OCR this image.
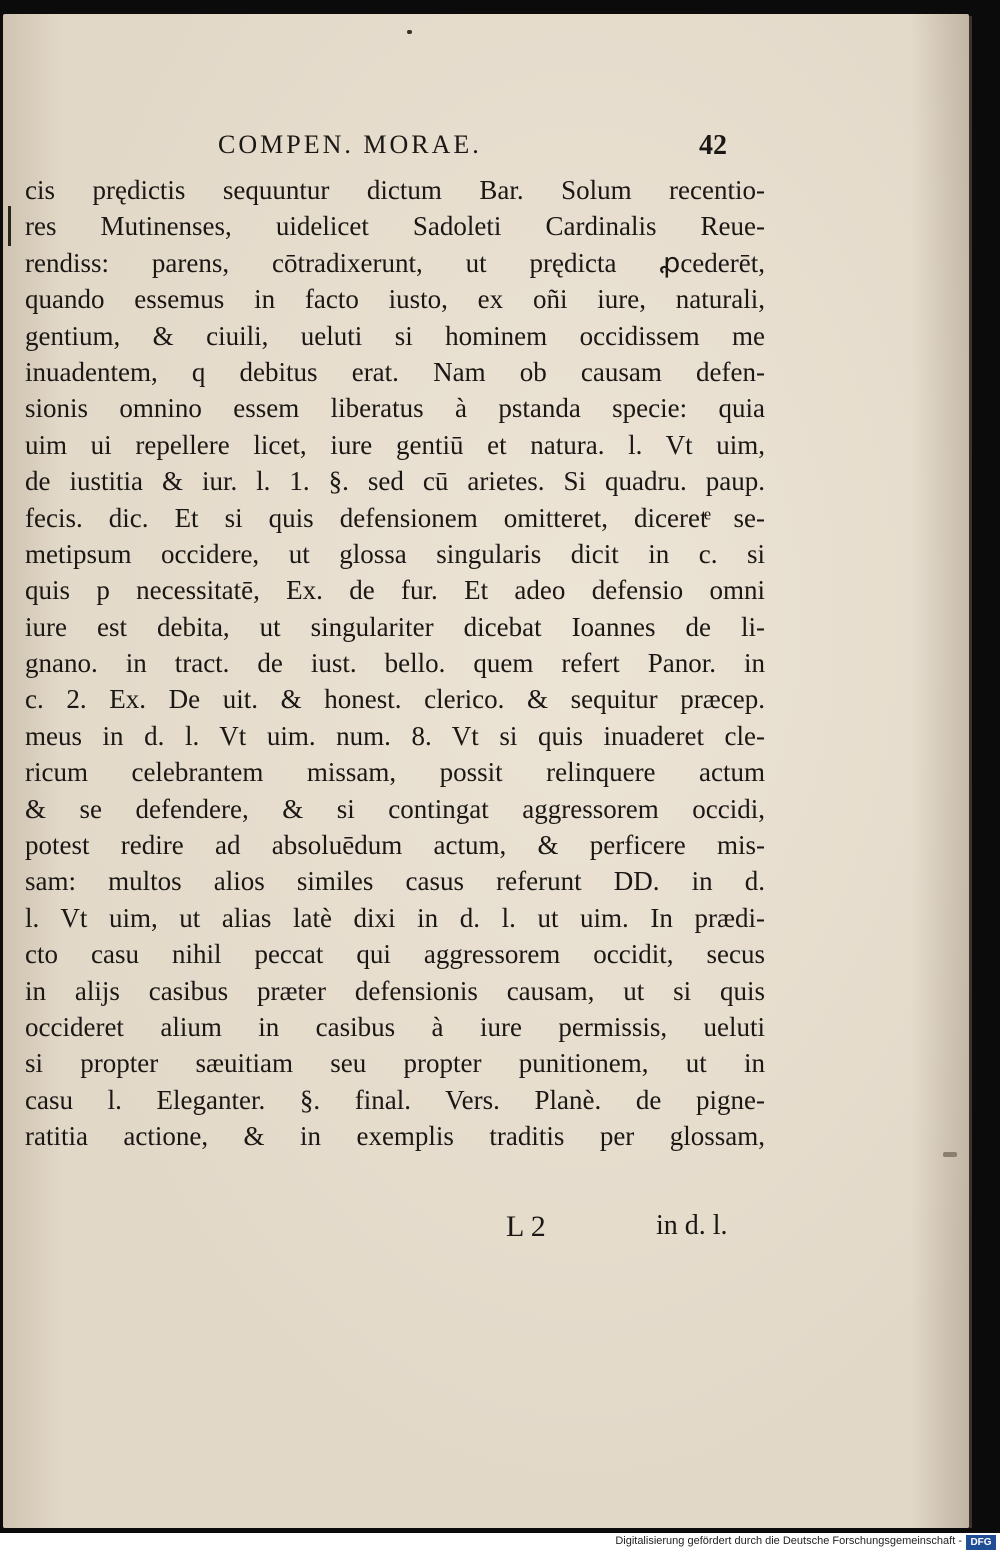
COMPEN. MORAE.	42
cis prędictis sequuntur dictum Bar. Solum recentio-
res Mutinenses, uidelicet Sadoleti Cardinalis Reue-
rendiss: parens, cōtradixerunt, ut prędicta ꝓcederēt,
quando essemus in facto iusto, ex oñi iure, naturali,
gentium, & ciuili, ueluti si hominem occidissem me
inuadentem, q debitus erat. Nam ob causam defen-
sionis omnino essem liberatus à pstanda specie: quia
uim ui repellere licet, iure gentiū et natura. l. Vt uim,
de iustitia & iur. l. 1. §. sed cū arietes. Si quadru. paup.
fecis. dic. Et si quis defensionem omitteret, diceretͤ se-
metipsum occidere, ut glossa singularis dicit in c. si
quis p necessitatē, Ex. de fur. Et adeo defensio omni
iure est debita, ut singulariter dicebat Ioannes de li-
gnano. in tract. de iust. bello. quem refert Panor. in
c. 2. Ex. De uit. & honest. clerico. & sequitur præcep.
meus in d. l. Vt uim. num. 8. Vt si quis inuaderet cle-
ricum celebrantem missam, possit relinquere actum
& se defendere, & si contingat aggressorem occidi,
potest redire ad absoluēdum actum, & perficere mis-
sam: multos alios similes casus referunt DD. in d.
l. Vt uim, ut alias latè dixi in d. l. ut uim. In prædi-
cto casu nihil peccat qui aggressorem occidit, secus
in alijs casibus præter defensionis causam, ut si quis
occideret alium in casibus à iure permissis, ueluti
si propter sæuitiam seu propter punitionem, ut in
casu l. Eleganter. §. final. Vers. Planè. de pigne-
ratitia actione, & in exemplis traditis per glossam,
L 2	in d. l.
Digitalisierung gefördert durch die Deutsche Forschungsgemeinschaft - DFG
